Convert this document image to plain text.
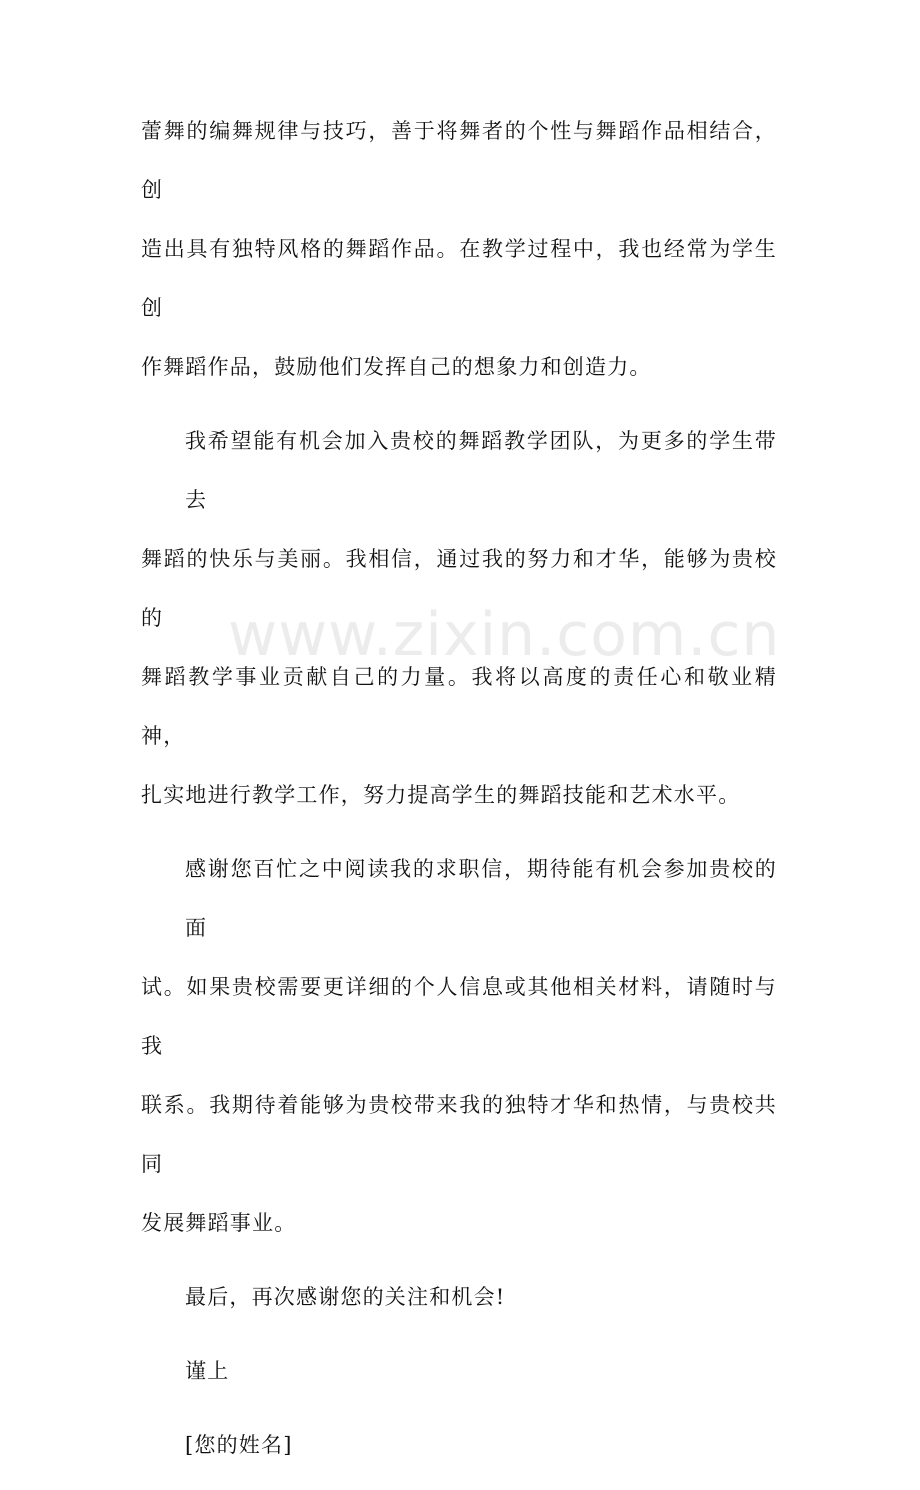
www.zixin.com.cn
蕾舞的编舞规律与技巧，善于将舞者的个性与舞蹈作品相结合，创
造出具有独特风格的舞蹈作品。在教学过程中，我也经常为学生创
作舞蹈作品，鼓励他们发挥自己的想象力和创造力。
我希望能有机会加入贵校的舞蹈教学团队，为更多的学生带去
舞蹈的快乐与美丽。我相信，通过我的努力和才华，能够为贵校的
舞蹈教学事业贡献自己的力量。我将以高度的责任心和敬业精神，
扎实地进行教学工作，努力提高学生的舞蹈技能和艺术水平。
感谢您百忙之中阅读我的求职信，期待能有机会参加贵校的面
试。如果贵校需要更详细的个人信息或其他相关材料，请随时与我
联系。我期待着能够为贵校带来我的独特才华和热情，与贵校共同
发展舞蹈事业。
最后，再次感谢您的关注和机会!
谨上
[您的姓名]
